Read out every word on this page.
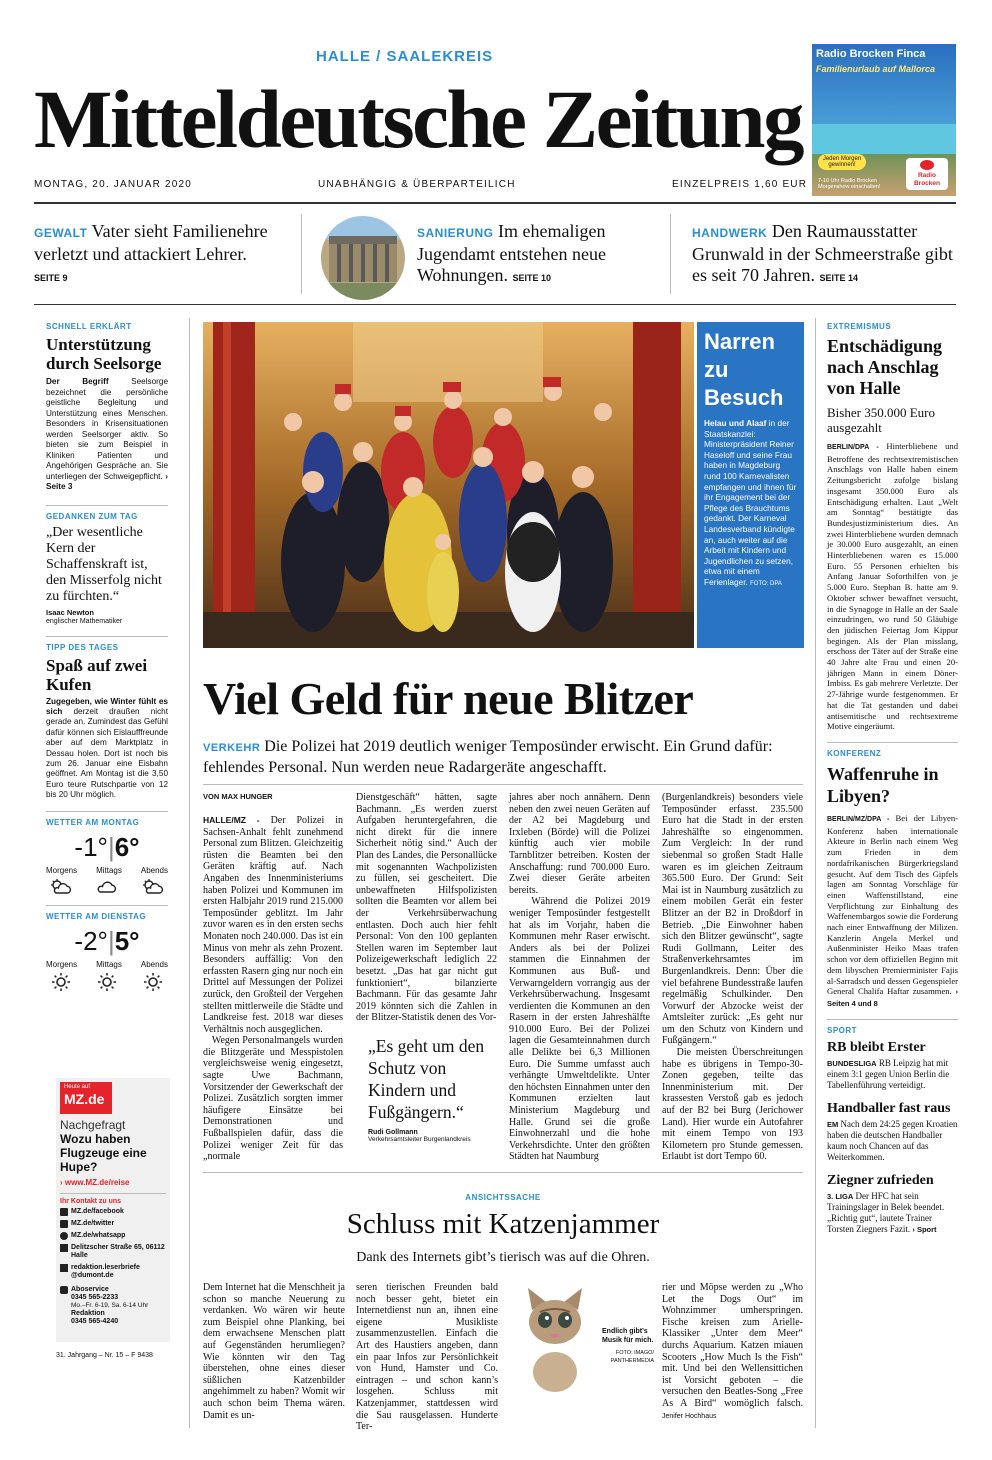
HALLE / SAALEKREIS
Mitteldeutsche Zeitung
Radio Brocken Finca
Familienurlaub auf Mallorca
Jeden Morgen gewinnen!
7-10 Uhr Radio Brocken Morgenshow einschalten!
Radio Brocken
MONTAG, 20. JANUAR 2020	UNABHÄNGIG & ÜBERPARTEILICH	EINZELPREIS 1,60 EUR
GEWALT Vater sieht Familienehre verletzt und attackiert Lehrer. SEITE 9
SANIERUNG Im ehemaligen Jugendamt entstehen neue Wohnungen. SEITE 10
HANDWERK Den Raumausstatter Grunwald in der Schmeerstraße gibt es seit 70 Jahren. SEITE 14
SCHNELL ERKLÄRT
Unterstützung durch Seelsorge
Der Begriff	Seelsorge bezeichnet die persönliche geistliche Begleitung und Unterstützung eines Menschen. Besonders in Krisensituationen werden Seelsorger aktiv. So bieten sie zum Beispiel in Kliniken Patienten und Angehörigen Gespräche an. Sie unterliegen der Schweigepflicht. › Seite 3
GEDANKEN ZUM TAG
„Der wesentliche Kern der Schaffenskraft ist, den Misserfolg nicht zu fürchten.“
Isaac Newton
englischer Mathematiker
TIPP DES TAGES
Spaß auf zwei Kufen
Zugegeben, wie Winter fühlt es sich derzeit draußen nicht gerade an. Zumindest das Gefühl dafür können sich Eislaufffreunde aber auf dem Marktplatz in Dessau holen. Dort ist noch bis zum 26. Januar eine Eisbahn geöffnet. Am Montag ist die 3,50 Euro teure Rutschpartie von 12 bis 20 Uhr möglich.
WETTER AM MONTAG
-1°|6°
Morgens Mittags Abends
WETTER AM DIENSTAG
-2°|5°
Morgens Mittags Abends
Heute auf
MZ.de
Nachgefragt
Wozu haben Flugzeuge eine Hupe?
› www.MZ.de/reise
Ihr Kontakt zu uns
MZ.de/facebook
MZ.de/twitter
MZ.de/whatsapp
Delitzscher Straße 65, 06112 Halle
redaktion.leserbriefe @dumont.de
Aboservice
0345 565-2233
Mo.–Fr. 6-19, Sa. 6-14 Uhr
Redaktion
0345 565-4240
31. Jahrgang – Nr. 15 – F 9438
Narren zu Besuch
Helau und Alaaf in der Staatskanzlei: Ministerpräsident Reiner Haseloff und seine Frau haben in Magdeburg rund 100 Karnevalisten empfangen und ihnen für ihr Engagement bei der Pflege des Brauchtums gedankt. Der Karneval Landesverband kündigte an, auch weiter auf die Arbeit mit Kindern und Jugendlichen zu setzen, etwa mit einem Ferienlager. FOTO: DPA
Viel Geld für neue Blitzer
VERKEHR Die Polizei hat 2019 deutlich weniger Temposünder erwischt. Ein Grund dafür: fehlendes Personal. Nun werden neue Radargeräte angeschafft.
VON MAX HUNGER
HALLE/MZ - Der Polizei in Sachsen-Anhalt fehlt zunehmend Personal zum Blitzen. Gleichzeitig rüsten die Beamten bei den Geräten kräftig auf. Nach Angaben des Innenministeriums haben Polizei und Kommunen im ersten Halbjahr 2019 rund 215.000 Temposünder geblitzt. Im Jahr zuvor waren es in den ersten sechs Monaten noch 240.000. Das ist ein Minus von mehr als zehn Prozent. Besonders auffällig: Von den erfassten Rasern ging nur noch ein Drittel auf Messungen der Polizei zurück, den Großteil der Vergehen stellten mittlerweile die Städte und Landkreise fest. 2018 war dieses Verhältnis noch ausgeglichen.
Wegen Personalmangels wurden die Blitzgeräte und Messpistolen vergleichsweise wenig eingesetzt, sagte Uwe Bachmann, Vorsitzender der Gewerkschaft der Polizei. Zusätzlich sorgten immer häufigere Einsätze bei Demonstrationen und Fußballspielen dafür, dass die Polizei weniger Zeit für das „normale
Dienstgeschäft“ hätten, sagte Bachmann. „Es werden zuerst Aufgaben heruntergefahren, die nicht direkt für die innere Sicherheit nötig sind.“ Auch der Plan des Landes, die Personallücke mit sogenannten Wachpolizisten zu füllen, sei gescheitert. Die unbewaffneten Hilfspolizisten sollten die Beamten vor allem bei der Verkehrsüberwachung entlasten. Doch auch hier fehlt Personal: Von den 100 geplanten Stellen waren im September laut Polizeigewerkschaft lediglich 22 besetzt. „Das hat gar nicht gut funktioniert“, bilanzierte Bachmann. Für das gesamte Jahr 2019 könnten sich die Zahlen in der Blitzer-Statistik denen des Vor-
„Es geht um den Schutz von Kindern und Fußgängern.“
Rudi Gollmann
Verkehrsamtsleiter Burgenlandkreis
jahres aber noch annähern. Denn neben den zwei neuen Geräten auf der A2 bei Magdeburg und Irxleben (Börde) will die Polizei künftig auch vier mobile Tarnblitzer betreiben. Kosten der Anschaffung: rund 700.000 Euro. Zwei dieser Geräte arbeiten bereits.
Während die Polizei 2019 weniger Temposünder festgestellt hat als im Vorjahr, haben die Kommunen mehr Raser erwischt. Anders als bei der Polizei stammen die Einnahmen der Kommunen aus Buß- und Verwarngeldern vorrangig aus der Verkehrsüberwachung. Insgesamt verdienten die Kommunen an den Rasern in der ersten Jahreshälfte 910.000 Euro. Bei der Polizei lagen die Gesamteinnahmen durch alle Delikte bei 6,3 Millionen Euro. Die Summe umfasst auch verhängte Umweltdelikte. Unter den höchsten Einnahmen unter den Kommunen erzielten laut Ministerium Magdeburg und Halle. Grund sei die große Einwohnerzahl und die hohe Verkehrsdichte. Unter den größten Städten hat Naumburg
(Burgenlandkreis) besonders viele Temposünder erfasst. 235.500 Euro hat die Stadt in der ersten Jahreshälfte so eingenommen. Zum Vergleich: In der rund siebenmal so großen Stadt Halle waren es im gleichen Zeitraum 365.500 Euro. Der Grund: Seit Mai ist in Naumburg zusätzlich zu einem mobilen Gerät ein fester Blitzer an der B2 in Droßdorf in Betrieb. „Die Einwohner haben sich den Blitzer gewünscht“, sagte Rudi Gollmann, Leiter des Straßenverkehrsamtes im Burgenlandkreis. Denn: Über die viel befahrene Bundesstraße laufen regelmäßig Schulkinder. Den Vorwurf der Abzocke weist der Amtsleiter zurück: „Es geht nur um den Schutz von Kindern und Fußgängern.“
Die meisten Überschreitungen habe es übrigens in Tempo-30-Zonen gegeben, teilte das Innenministerium mit. Der krassesten Verstoß gab es jedoch auf der B2 bei Burg (Jerichower Land). Hier wurde ein Autofahrer mit einem Tempo von 193 Kilometern pro Stunde gemessen. Erlaubt ist dort Tempo 60.
ANSICHTSSACHE
Schluss mit Katzenjammer
Dank des Internets gibt’s tierisch was auf die Ohren.
Dem Internet hat die Menschheit ja schon so manche Neuerung zu verdanken. Wo wären wir heute zum Beispiel ohne Planking, bei dem erwachsene Menschen platt auf Gegenständen herumliegen? Wie könnten wir den Tag überstehen, ohne eines dieser süßlichen Katzenbilder angehimmelt zu haben? Womit wir auch schon beim Thema wären. Damit es un-
seren tierischen Freunden bald noch besser geht, bietet ein Internetdienst nun an, ihnen eine eigene Musikliste zusammenzustellen. Einfach die Art des Haustiers angeben, dann ein paar Infos zur Persönlichkeit von Hund, Hamster und Co. eintragen – und schon kann’s losgehen. Schluss mit Katzenjammer, stattdessen wird die Sau rausgelassen. Hunderte Ter-
Endlich gibt’s Musik für mich.
FOTO: IMAGO/ PANTHERMEDIA
rier und Möpse werden zu „Who Let the Dogs Out“ im Wohnzimmer umherspringen. Fische kreisen zum Arielle-Klassiker „Unter dem Meer“ durchs Aquarium. Katzen miauen Scooters „How Much Is the Fish“ mit. Und bei den Wellensittichen ist Vorsicht geboten – die versuchen den Beatles-Song „Free As A Bird“ womöglich falsch. Jenifer Hochhaus
EXTREMISMUS
Entschädigung nach Anschlag von Halle
Bisher 350.000 Euro ausgezahlt
BERLIN/DPA - Hinterbliebene und Betroffene des rechtsextremistischen Anschlags von Halle haben einem Zeitungsbericht zufolge bislang insgesamt 350.000 Euro als Entschädigung erhalten. Laut „Welt am Sonntag“ bestätigte das Bundesjustizministerium dies. An zwei Hinterbliebene wurden demnach je 30.000 Euro ausgezahlt, an einen Hinterbliebenen waren es 15.000 Euro. 55 Personen erhielten bis Anfang Januar Soforthilfen von je 5.000 Euro. Stephan B. hatte am 9. Oktober schwer bewaffnet versucht, in die Synagoge in Halle an der Saale einzudringen, wo rund 50 Gläubige den jüdischen Feiertag Jom Kippur begingen. Als der Plan misslang, erschoss der Täter auf der Straße eine 40 Jahre alte Frau und einen 20-jährigen Mann in einem Döner-Imbiss. Es gab mehrere Verletzte. Der 27-Jährige wurde festgenommen. Er hat die Tat gestanden und dabei antisemitische und rechtsextreme Motive eingeräumt.
KONFERENZ
Waffenruhe in Libyen?
BERLIN/MZ/DPA - Bei der Libyen-Konferenz haben internationale Akteure in Berlin nach einem Weg zum Frieden in dem nordafrikanischen Bürgerkriegsland gesucht. Auf dem Tisch des Gipfels lagen am Sonntag Vorschläge für einen Waffenstillstand, eine Verpflichtung zur Einhaltung des Waffenembargos sowie die Forderung nach einer Entwaffnung der Milizen. Kanzlerin Angela Merkel und Außenminister Heiko Maas trafen schon vor dem offiziellen Beginn mit dem libyschen Premierminister Fajis al-Sarradsch und dessen Gegenspieler General Chalifa Haftar zusammen. › Seiten 4 und 8
SPORT
RB bleibt Erster
BUNDESLIGA RB Leipzig hat mit einem 3:1 gegen Union Berlin die Tabellenführung verteidigt.
Handballer fast raus
EM Nach dem 24:25 gegen Kroatien haben die deutschen Handballer kaum noch Chancen auf das Weiterkommen.
Ziegner zufrieden
3. LIGA Der HFC hat sein Trainingslager in Belek beendet. „Richtig gut“, lautete Trainer Torsten Ziegners Fazit. › Sport
